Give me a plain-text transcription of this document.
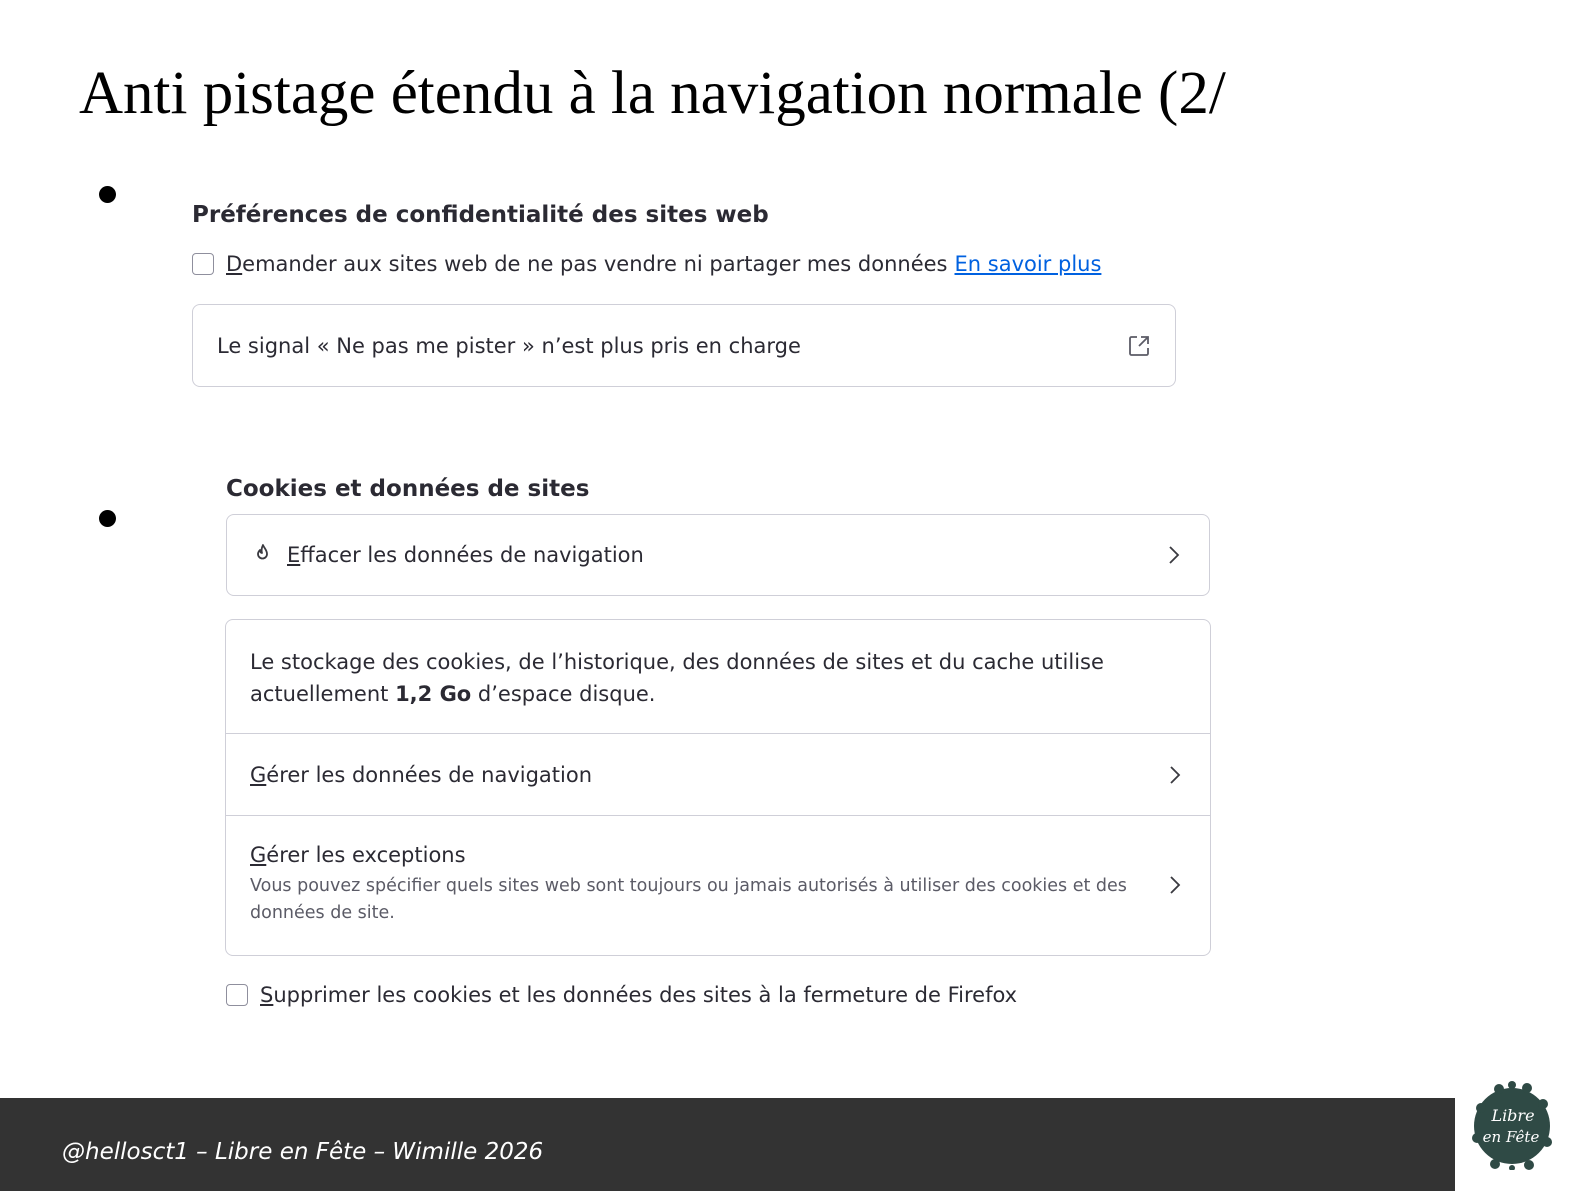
Anti pistage étendu à la navigation normale (2/
Préférences de confidentialité des sites web
Demander aux sites web de ne pas vendre ni partager mes données En savoir plus
Le signal « Ne pas me pister » n’est plus pris en charge
Cookies et données de sites
Effacer les données de navigation
Le stockage des cookies, de l’historique, des données de sites et du cache utilise actuellement 1,2 Go d’espace disque.
Gérer les données de navigation
Gérer les exceptions
Vous pouvez spécifier quels sites web sont toujours ou jamais autorisés à utiliser des cookies et des données de site.
Supprimer les cookies et les données des sites à la fermeture de Firefox
@hellosct1 – Libre en Fête – Wimille 2026
Libre
en Fête
